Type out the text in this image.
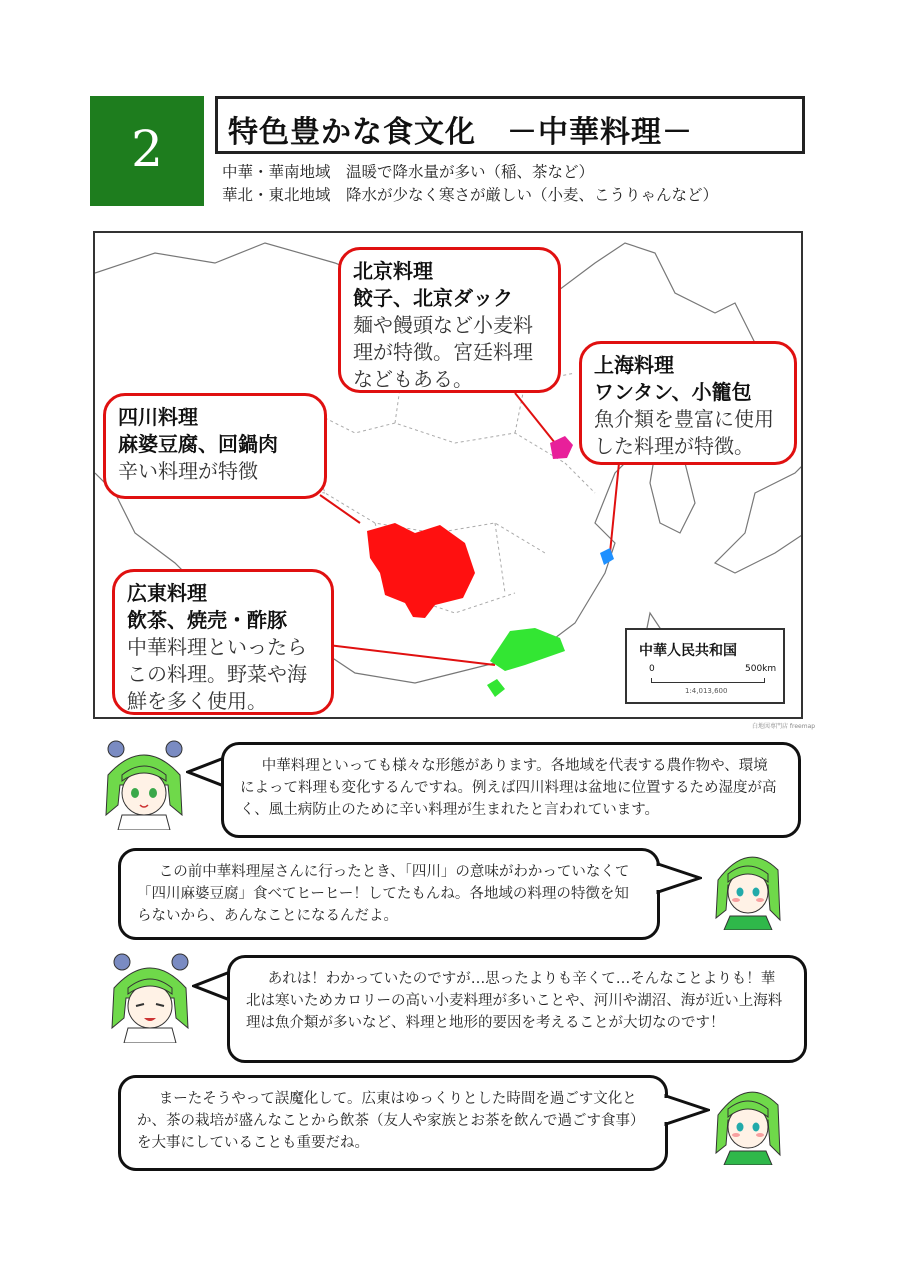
2	特色豊かな食文化　－中華料理－
中華・華南地域　温暖で降水量が多い（稲、茶など）
華北・東北地域　降水が少なく寒さが厳しい（小麦、こうりゃんなど）
北京料理
餃子、北京ダック
麺や饅頭など小麦料理が特徴。宮廷料理などもある。
上海料理
ワンタン、小籠包
魚介類を豊富に使用した料理が特徴。
四川料理
麻婆豆腐、回鍋肉
辛い料理が特徴
広東料理
飲茶、焼売・酢豚
中華料理といったらこの料理。野菜や海鮮を多く使用。
中華人民共和国
0	500km
1:4,013,600
白地図専門店 freemap
中華料理といっても様々な形態があります。各地域を代表する農作物や、環境によって料理も変化するんですね。例えば四川料理は盆地に位置するため湿度が高く、風土病防止のために辛い料理が生まれたと言われています。
この前中華料理屋さんに行ったとき、「四川」の意味がわかっていなくて「四川麻婆豆腐」食べてヒーヒー！してたもんね。各地域の料理の特徴を知らないから、あんなことになるんだよ。
あれは！わかっていたのですが…思ったよりも辛くて…そんなことよりも！華北は寒いためカロリーの高い小麦料理が多いことや、河川や湖沼、海が近い上海料理は魚介類が多いなど、料理と地形的要因を考えることが大切なのです！
まーたそうやって誤魔化して。広東はゆっくりとした時間を過ごす文化とか、茶の栽培が盛んなことから飲茶（友人や家族とお茶を飲んで過ごす食事）を大事にしていることも重要だね。
